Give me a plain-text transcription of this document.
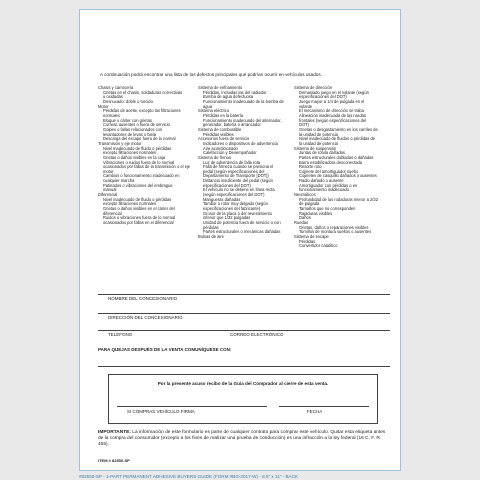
A continuación podrá encontrar una lista de los defectos principales que podrían ocurrir en vehículos usados.
Chasis y carrocería
Grietas en el chasis, soldaduras correctivas
u oxidadas
Desnucado: doble o torcido
Motor
Pérdidas de aceite, excepto las filtraciones
normales
Bloque o cárter con grietas
Correas ausentes o fuera de servicio
Golpes o fallas relacionados con
levantadores de levas o biela
Descarga del escape fuera de lo normal
Transmisión y eje motor
Nivel inadecuado de fluido o pérdidas
excepto filtraciones normales
Grietas o daños visibles en la caja
Vibraciones o ruidos fuera de lo normal
ocasionados por fallas de la transmisión o el eje
motor
Cambios o funcionamiento inadecuado en
cualquier marcha
Patinados o vibraciones del embrague
manual
Diferencial
Nivel inadecuado de fluido o pérdidas
excepto filtraciones normales
Grietas o daños visibles en el cárter del
diferencial
Ruidos o vibraciones fuera de lo normal
ocasionados por fallas en el diferencial
Sistema de enfriamiento
Pérdidas, incluidas las del radiador
Bomba de agua defectuosa
Funcionamiento inadecuado de la bomba de
agua
Sistema eléctrico
Pérdidas en la batería
Funcionamiento inadecuado del alternador,
generador, batería o arrancador
Sistema de combustible
Pérdidas visibles
Accesorios fuera de servicio
Indicadores o dispositivos de advertencia
Aire acondicionado
Calefacción y Desempañador
Sistema de frenos
Luz de advertencia de falla rota
Falla de firmeza cuando se presiona el
pedal (según especificaciones del
Departamento de Transporte [DOT])
Distancia insuficiente del pedal (según
especificaciones del DOT)
El vehículo no se detiene en línea recta
(según especificaciones del DOT)
Mangueras dañadas
Tambor o rotor muy delgado (según
especificaciones del fabricante)
Grosor de la placa o del revestimiento
inferior que 1/32 pulgadas
Unidad de potencia fuera de servicio o con
pérdidas
Partes estructurales o mecánicas dañadas
Bolsas de aire
Sistema de dirección
Demasiado juego en el volante (según
especificaciones del DOT)
Juego mayor a 1/4 de pulgada en el
volante
El mecanismo de dirección se traba
Alineación inadecuada de las ruedas
frontales (según especificaciones del
DOT)
Grietas o desgastamiento en los carriles de
la unidad de potencia
Nivel inadecuado de fluidos o pérdidas de
la unidad de potencia
Sistema de suspensión
Juntas de rótula dañadas
Partes estructurales dobladas o dañadas
Barra estabilizadora desconectada
Resorte roto
Cojinete del amortiguador suelto
Cojinetes de casquillo dañados o ausentes
Radio dañado o ausente
Amortiguador con pérdidas o en
funcionamiento inadecuado
Neumáticos
Profundidad de las rodaduras menor a 2/32
de pulgada
Tamaños que no corresponden
Rajaduras visibles
Daños
Ruedas
Grietas, daños o reparaciones visibles
Tornillos de montura sueltos o ausentes
Sistema de escape
Pérdidas
Convertidor catalítico
NOMBRE DEL CONCESIONARIO
DIRECCIÓN DEL CONCESIONARIO
TELÉFONO	CORREO ELECTRÓNICO
PARA QUEJAS DESPUÉS DE LA VENTA COMUNÍQUESE CON:
Por la presente acuso recibo de la Guía del Comprador al cierre de esta venta.
SI COMPRAS VEHÍCULO FIRMA	FECHA
IMPORTANTE: La información de este formulario es parte de cualquier contrato para comprar este vehículo. Quitar esta etiqueta antes de la compra del consumidor (excepto a los fines de realizar una prueba de conducción) es una infracción a la ley federal (16 C. F. R. 455).
ITEM # 82550-SP
#82550-SP - 1-PART PERMANENT ADHESIVE BUYERS GUIDE (FORM #BG-2017-W) - 8.5" x 11" - BACK
